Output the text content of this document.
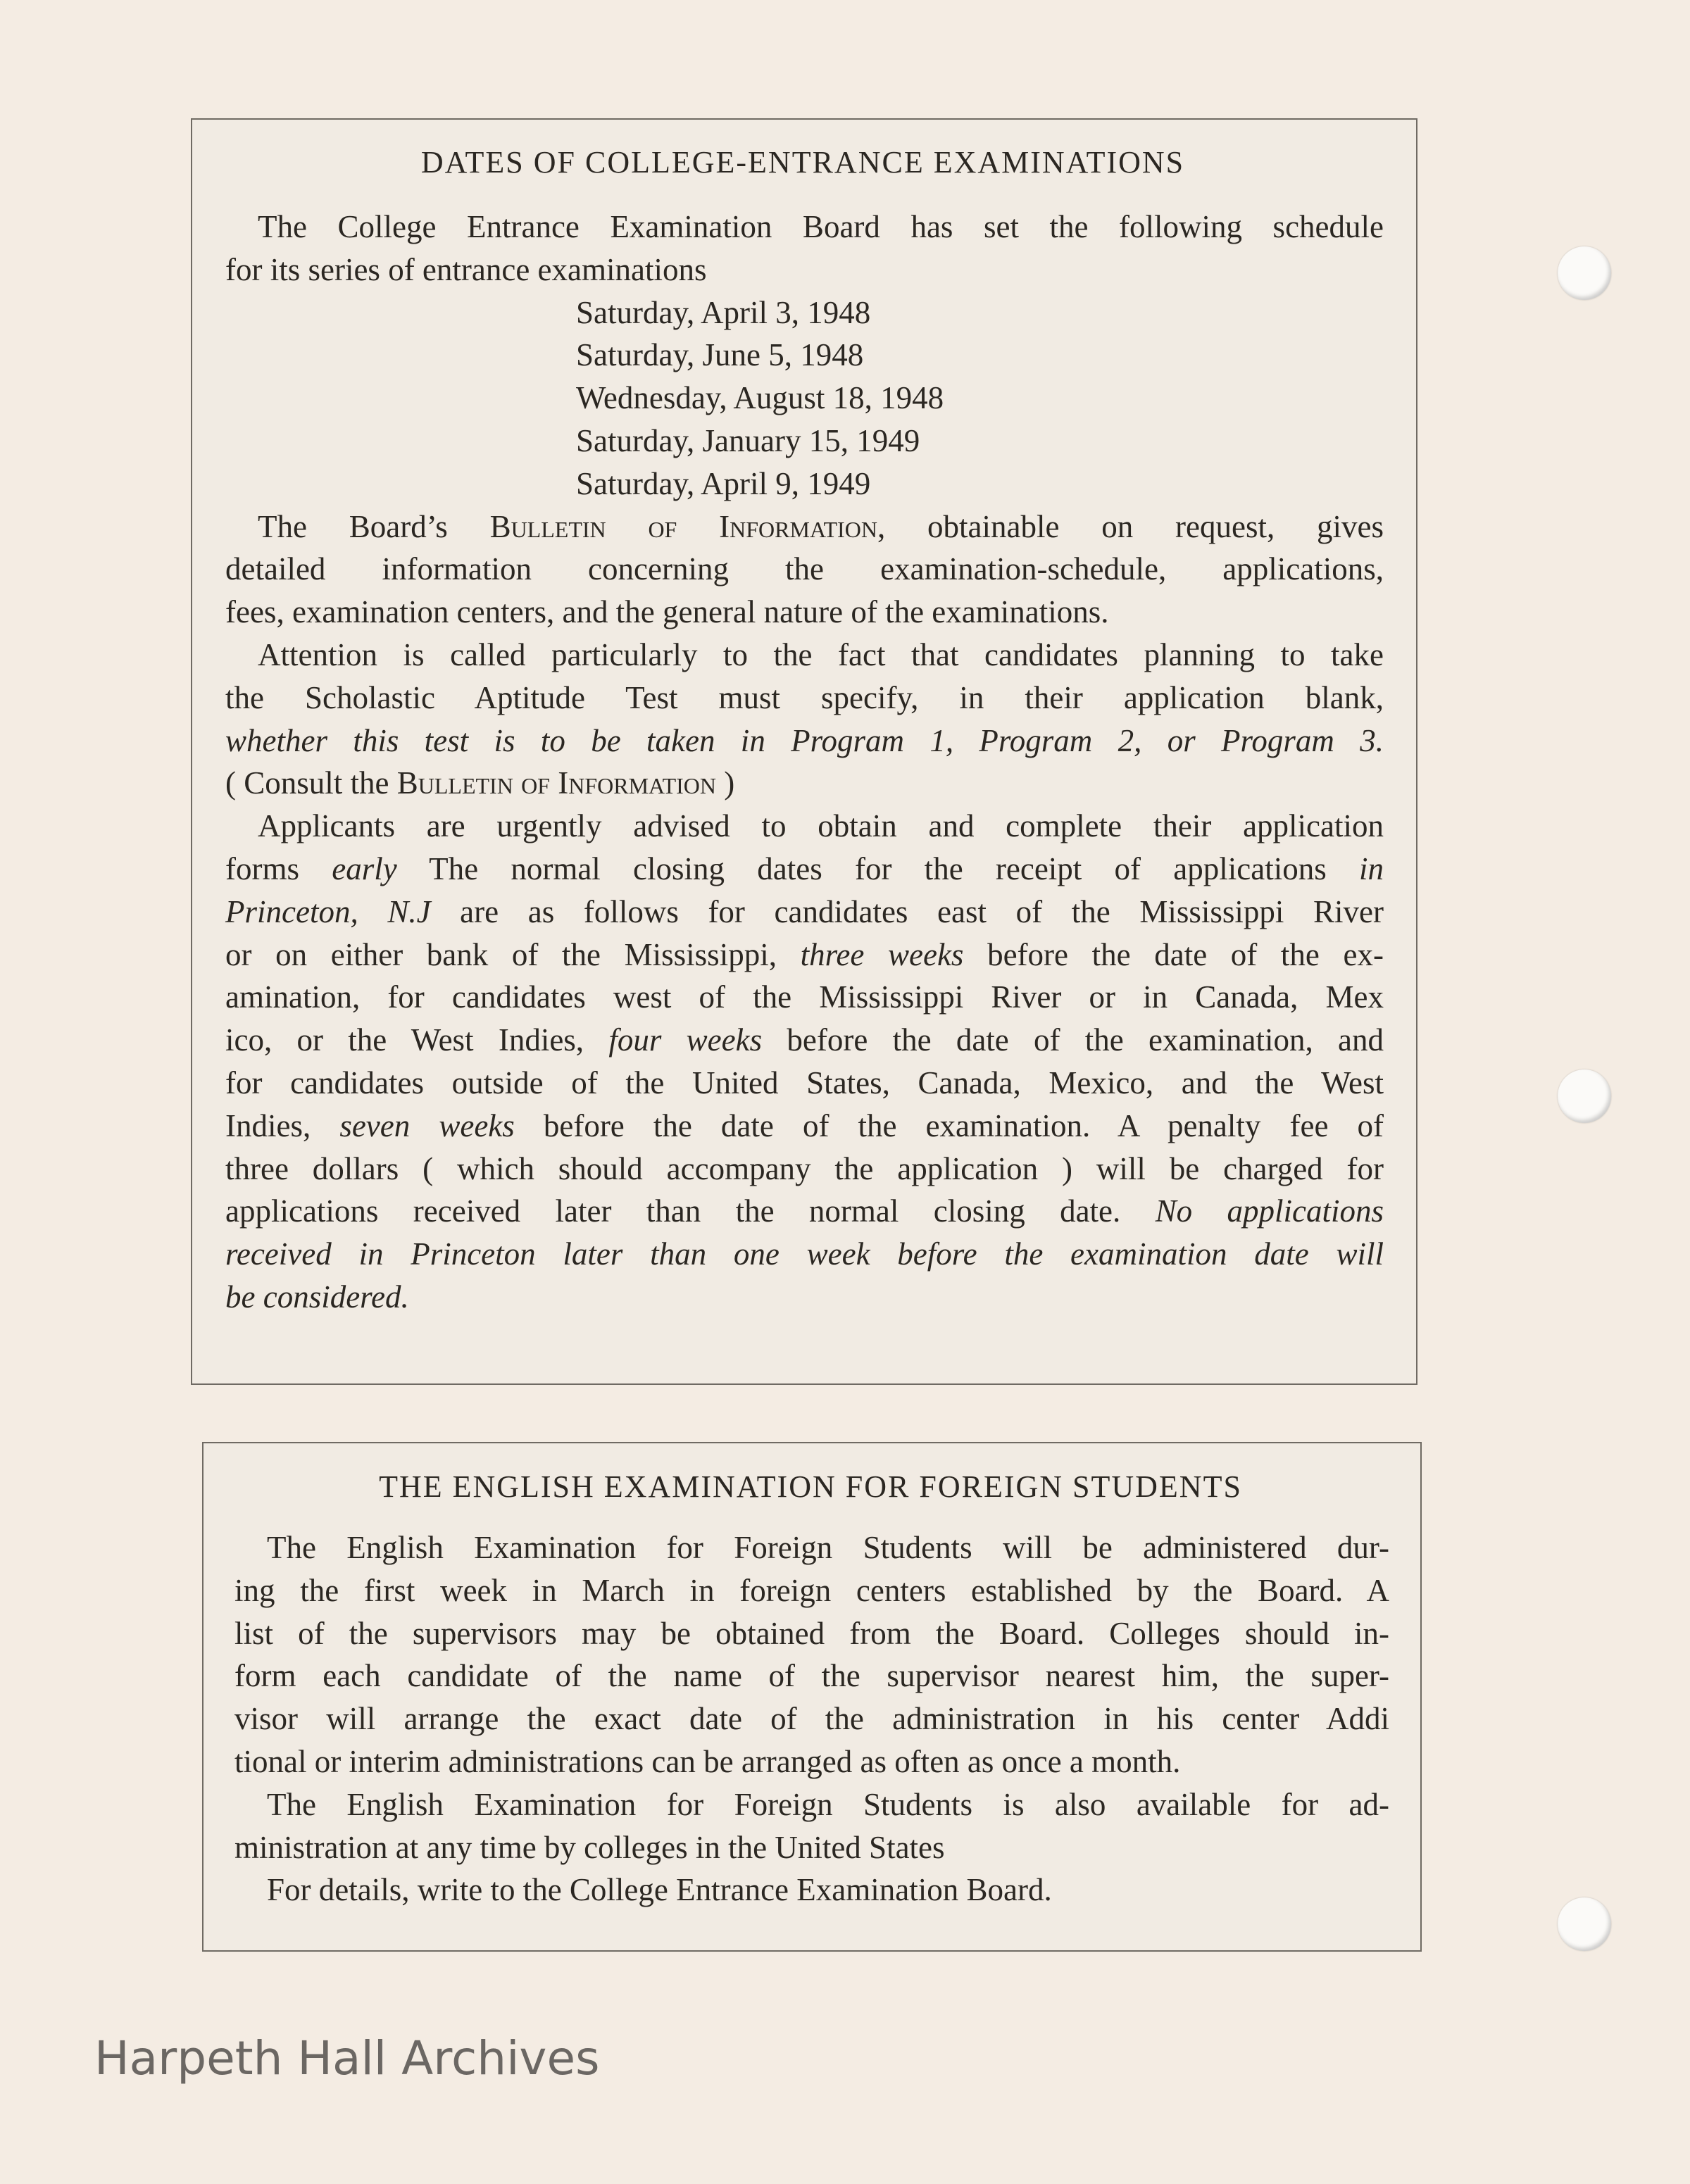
DATES OF COLLEGE-ENTRANCE EXAMINATIONS
The College Entrance Examination Board has set the following schedule
for its series of entrance examinations
Saturday, April 3, 1948
Saturday, June 5, 1948
Wednesday, August 18, 1948
Saturday, January 15, 1949
Saturday, April 9, 1949
The Board’s Bulletin of Information, obtainable on request, gives
detailed information concerning the examination-schedule, applications,
fees, examination centers, and the general nature of the examinations.
Attention is called particularly to the fact that candidates planning to take
the Scholastic Aptitude Test must specify, in their application blank,
whether this test is to be taken in Program 1, Program 2, or Program 3.
( Consult the Bulletin of Information )
Applicants are urgently advised to obtain and complete their application
forms early The normal closing dates for the receipt of applications in
Princeton, N.J are as follows for candidates east of the Mississippi River
or on either bank of the Mississippi, three weeks before the date of the ex-
amination, for candidates west of the Mississippi River or in Canada, Mex
ico, or the West Indies, four weeks before the date of the examination, and
for candidates outside of the United States, Canada, Mexico, and the West
Indies, seven weeks before the date of the examination. A penalty fee of
three dollars ( which should accompany the application ) will be charged for
applications received later than the normal closing date. No applications
received in Princeton later than one week before the examination date will
be considered.
THE ENGLISH EXAMINATION FOR FOREIGN STUDENTS
The English Examination for Foreign Students will be administered dur-
ing the first week in March in foreign centers established by the Board. A
list of the supervisors may be obtained from the Board. Colleges should in-
form each candidate of the name of the supervisor nearest him, the super-
visor will arrange the exact date of the administration in his center Addi
tional or interim administrations can be arranged as often as once a month.
The English Examination for Foreign Students is also available for ad-
ministration at any time by colleges in the United States
For details, write to the College Entrance Examination Board.
Harpeth Hall Archives
